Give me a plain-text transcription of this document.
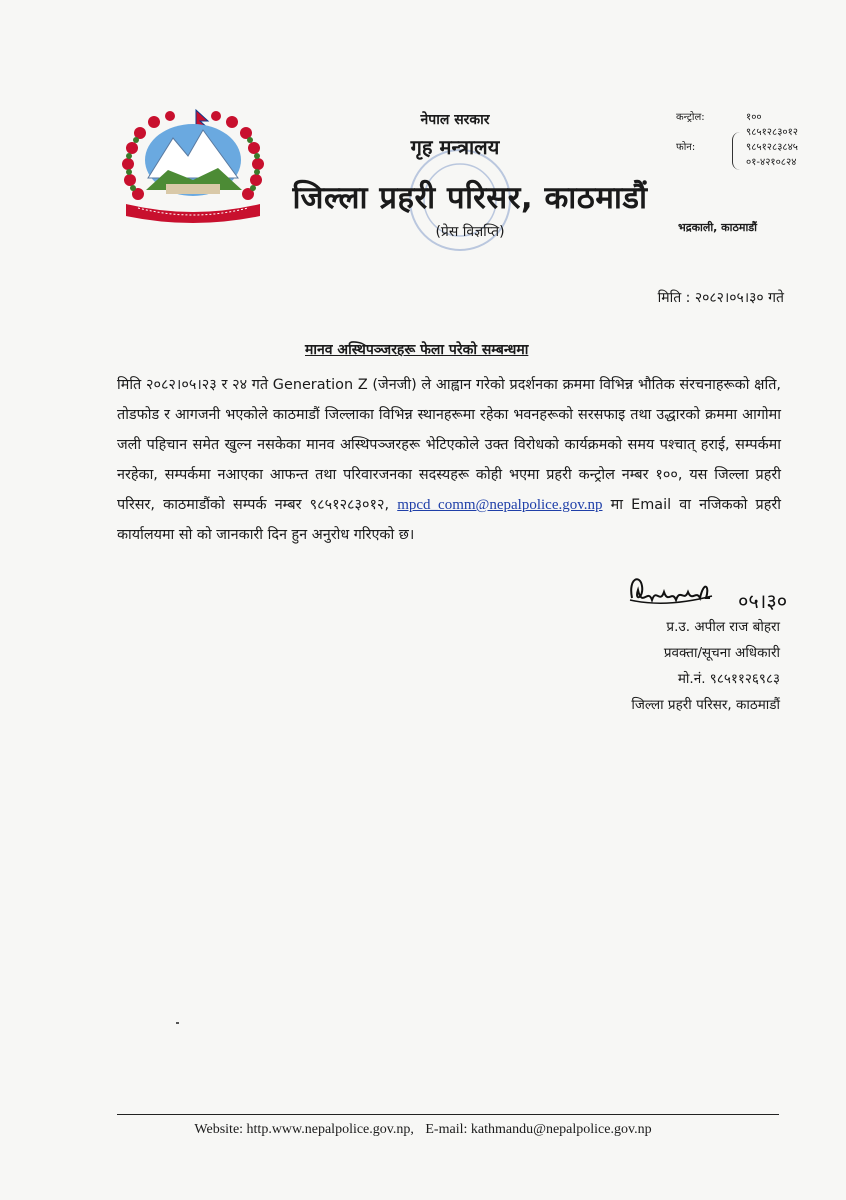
नेपाल सरकार
गृह मन्त्रालय
जिल्ला प्रहरी परिसर, काठमाडौं
(प्रेस विज्ञप्ति)
कन्ट्रोल:	१००
९८५१२८३०१२
फोन:	९८५१२८३८४५
०१-४२१०८२४
भद्रकाली, काठमाडौं
मिति : २०८२।०५।३० गते
मानव अस्थिपञ्जरहरू फेला परेको सम्बन्धमा
मिति २०८२।०५।२३ र २४ गते Generation Z (जेनजी) ले आह्वान गरेको प्रदर्शनका क्रममा विभिन्न भौतिक संरचनाहरूको क्षति, तोडफोड र आगजनी भएकोले काठमाडौं जिल्लाका विभिन्न स्थानहरूमा रहेका भवनहरूको सरसफाइ तथा उद्धारको क्रममा आगोमा जली पहिचान समेत खुल्न नसकेका मानव अस्थिपञ्जरहरू भेटिएकोले उक्त विरोधको कार्यक्रमको समय पश्चात् हराई, सम्पर्कमा नरहेका, सम्पर्कमा नआएका आफन्त तथा परिवारजनका सदस्यहरू कोही भएमा प्रहरी कन्ट्रोल नम्बर १००, यस जिल्ला प्रहरी परिसर, काठमाडौंको सम्पर्क नम्बर ९८५१२८३०१२, mpcd_comm@nepalpolice.gov.np मा Email वा नजिकको प्रहरी कार्यालयमा सो को जानकारी दिन हुन अनुरोध गरिएको छ।
०५।३०
प्र.उ. अपील राज बोहरा
प्रवक्ता/सूचना अधिकारी
मो.नं. ९८५११२६९८३
जिल्ला प्रहरी परिसर, काठमाडौं
Website: http.www.nepalpolice.gov.np, E-mail: kathmandu@nepalpolice.gov.np
